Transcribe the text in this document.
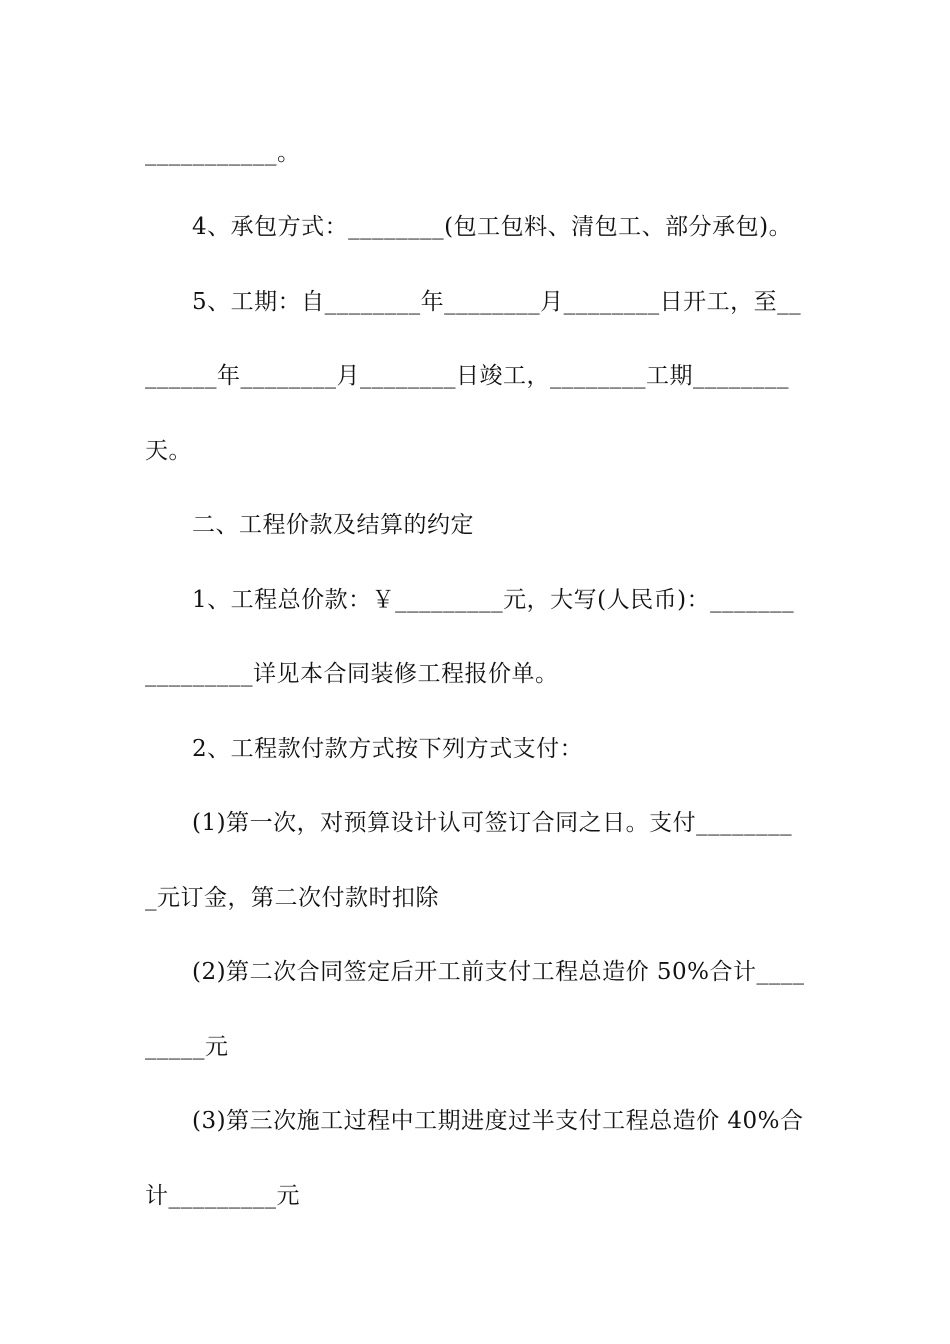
___________。
4、承包方式：________(包工包料、清包工、部分承包)。
5、工期：自________年________月________日开工，至__
______年________月________日竣工，________工期________
天。
二、工程价款及结算的约定
1、工程总价款：￥_________元，大写(人民币)：_______
_________详见本合同装修工程报价单。
2、工程款付款方式按下列方式支付：
(1)第一次，对预算设计认可签订合同之日。支付________
_元订金，第二次付款时扣除
(2)第二次合同签定后开工前支付工程总造价 50%合计____
_____元
(3)第三次施工过程中工期进度过半支付工程总造价 40%合
计_________元
